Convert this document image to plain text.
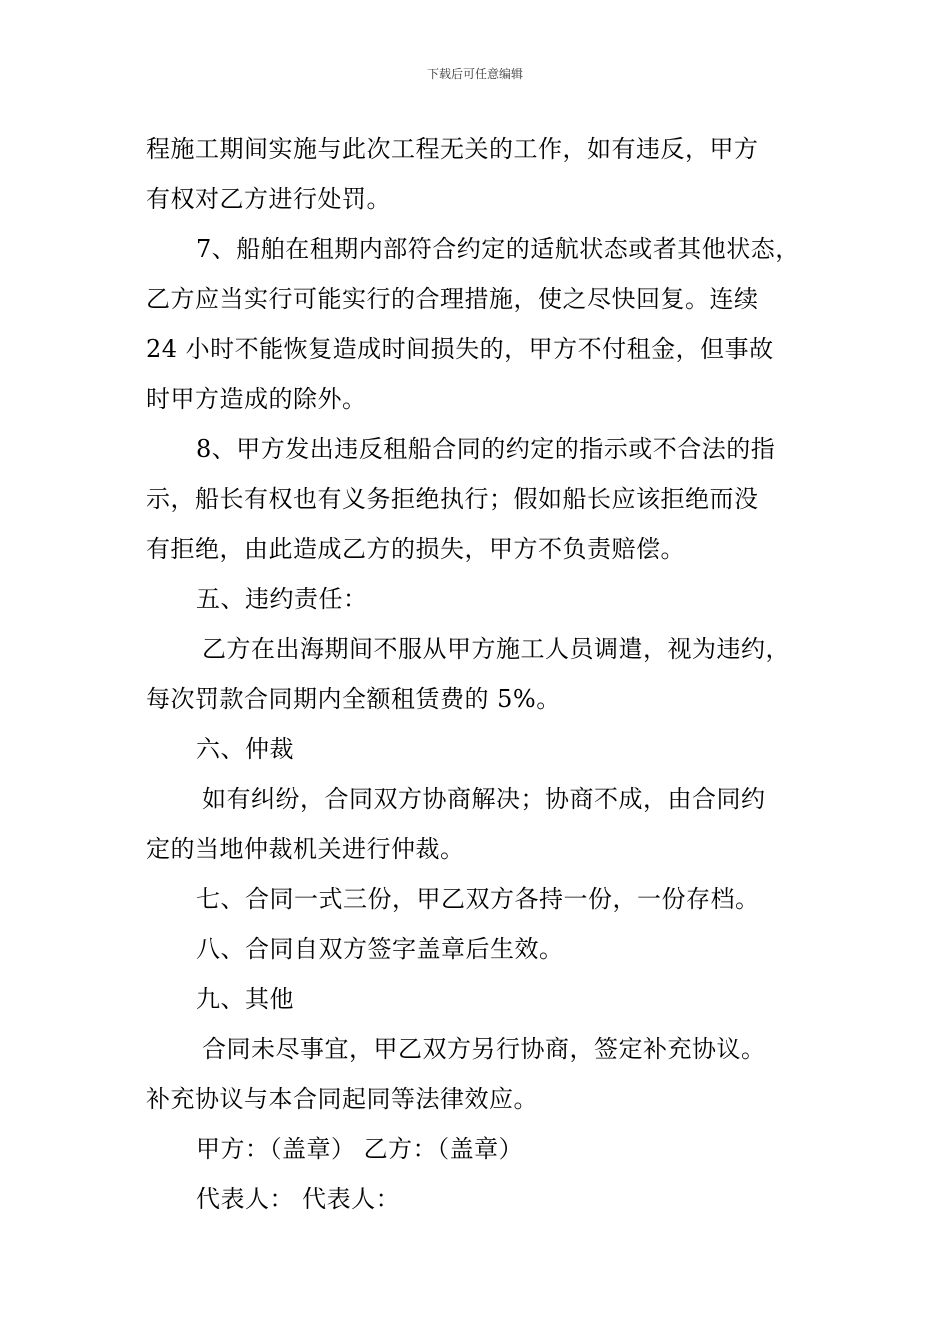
下载后可任意编辑
程施工期间实施与此次工程无关的工作，如有违反，甲方
有权对乙方进行处罚。
7、船舶在租期内部符合约定的适航状态或者其他状态，
乙方应当实行可能实行的合理措施，使之尽快回复。连续
24 小时不能恢复造成时间损失的，甲方不付租金，但事故
时甲方造成的除外。
8、甲方发出违反租船合同的约定的指示或不合法的指
示，船长有权也有义务拒绝执行；假如船长应该拒绝而没
有拒绝，由此造成乙方的损失，甲方不负责赔偿。
五、违约责任：
乙方在出海期间不服从甲方施工人员调遣，视为违约，
每次罚款合同期内全额租赁费的 5%。
六、仲裁
如有纠纷，合同双方协商解决；协商不成，由合同约
定的当地仲裁机关进行仲裁。
七、合同一式三份，甲乙双方各持一份，一份存档。
八、合同自双方签字盖章后生效。
九、其他
合同未尽事宜，甲乙双方另行协商，签定补充协议。
补充协议与本合同起同等法律效应。
甲方：（盖章） 乙方：（盖章）
代表人： 代表人：
